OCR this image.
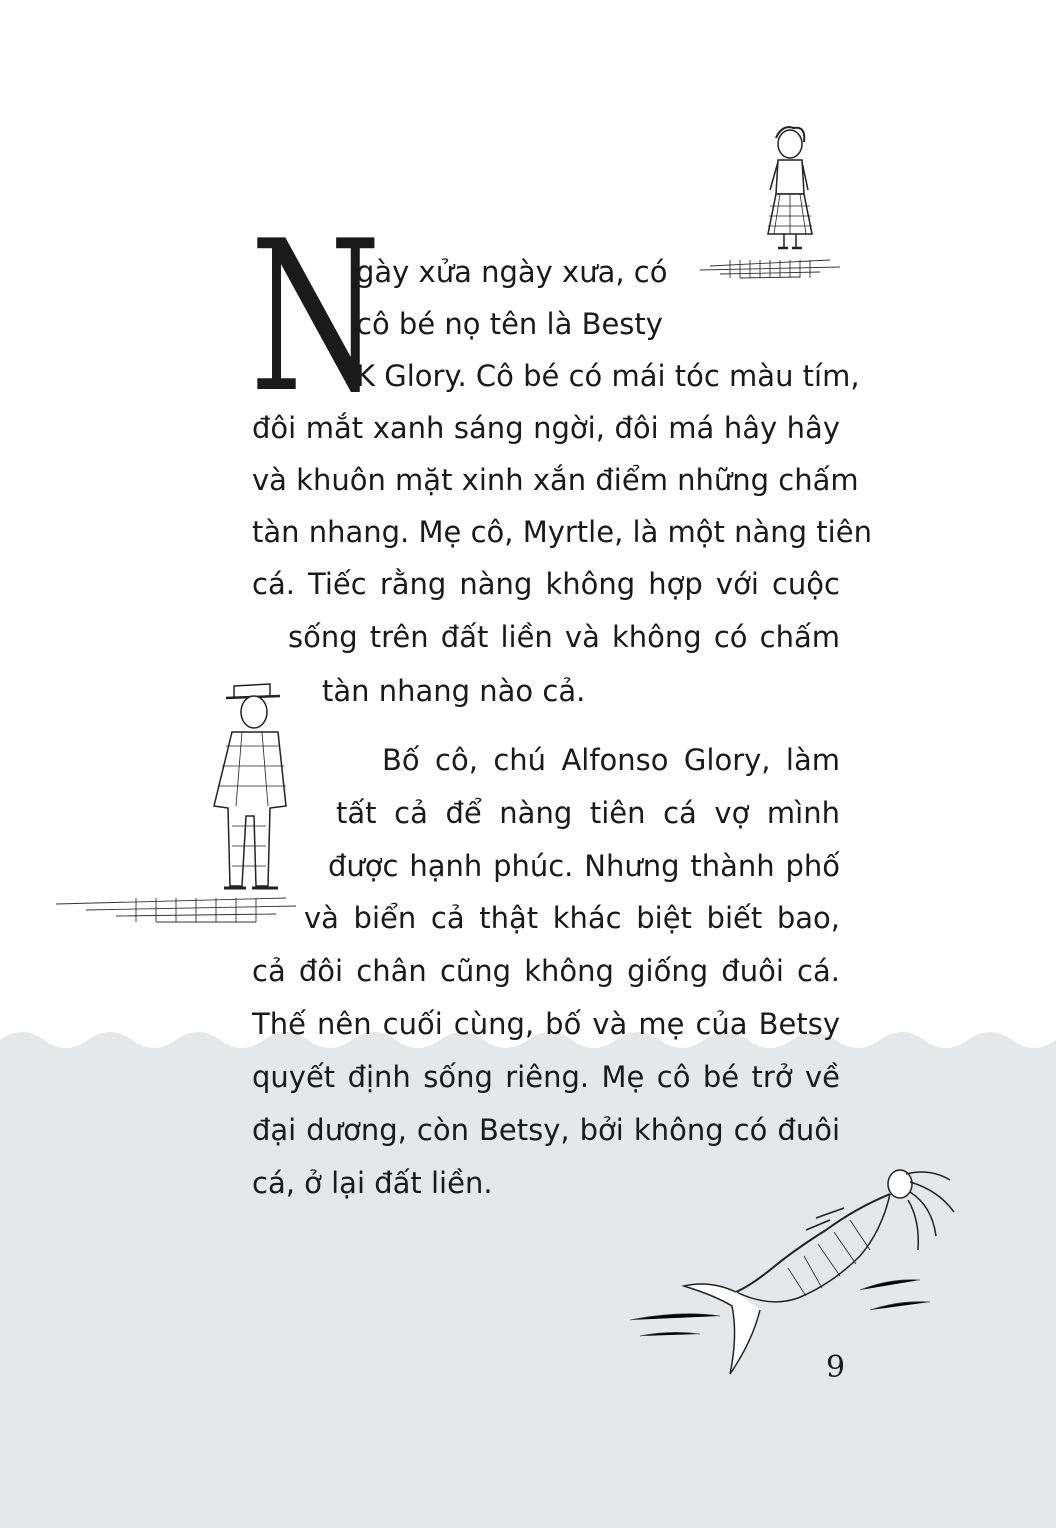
N
gày xửa ngày xưa, có
cô bé nọ tên là Besty
K Glory. Cô bé có mái tóc màu tím,
đôi mắt xanh sáng ngời, đôi má hây hây
và khuôn mặt xinh xắn điểm những chấm
tàn nhang. Mẹ cô, Myrtle, là một nàng tiên
cá. Tiếc rằng nàng không hợp với cuộc
sống trên đất liền và không có chấm
tàn nhang nào cả.
Bố cô, chú Alfonso Glory, làm
tất cả để nàng tiên cá vợ mình
được hạnh phúc. Nhưng thành phố
và biển cả thật khác biệt biết bao,
cả đôi chân cũng không giống đuôi cá.
Thế nên cuối cùng, bố và mẹ của Betsy
quyết định sống riêng. Mẹ cô bé trở về
đại dương, còn Betsy, bởi không có đuôi
cá, ở lại đất liền.
9
